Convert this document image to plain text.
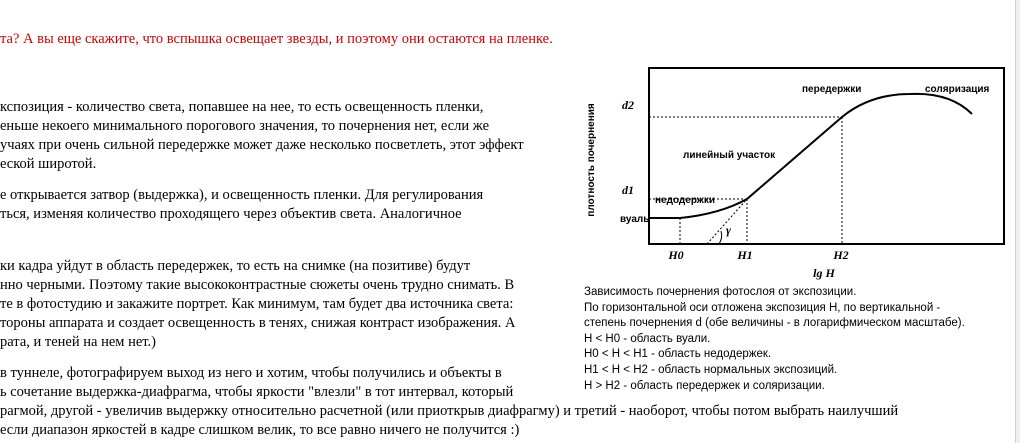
та? А вы еще скажите, что вспышка освещает звезды, и поэтому они остаются на пленке.
кспозиция - количество света, попавшее на нее, то есть освещенность пленки,
еньше некоего минимального порогового значения, то почернения нет, если же
учаях при очень сильной передержке может даже несколько посветлеть, этот эффект
еской широтой.
е открывается затвор (выдержка), и освещенность пленки. Для регулирования
ться, изменяя количество проходящего через объектив света. Аналогичное
ки кадра уйдут в область передержек, то есть на снимке (на позитиве) будут
нно черными. Поэтому такие высококонтрастные сюжеты очень трудно снимать. В
те в фотостудию и закажите портрет. Как минимум, там будет два источника света:
тороны аппарата и создает освещенность в тенях, снижая контраст изображения. А
рата, и теней на нем нет.)
в туннеле, фотографируем выход из него и хотим, чтобы получились и объекты в
ь сочетание выдержка-диафрагма, чтобы яркости "влезли" в тот интервал, который
рагмой, другой - увеличив выдержку относительно расчетной (или приоткрыв диафрагму) и третий - наоборот, чтобы потом выбрать наилучший
если диапазон яркостей в кадре слишком велик, то все равно ничего не получится :)
γ
плотность почернения
lg H
d2
d1
H0	H1	H2
вуаль
недодержки
линейный участок
передержки	соляризация
Зависимость почернения фотослоя от экспозиции.
По горизонтальной оси отложена экспозиция H, по вертикальной -
степень почернения d (обе величины - в логарифмическом масштабе).
H < H0 - область вуали.
H0 < H < H1 - область недодержек.
H1 < H < H2 - область нормальных экспозиций.
H > H2 - область передержек и соляризации.
